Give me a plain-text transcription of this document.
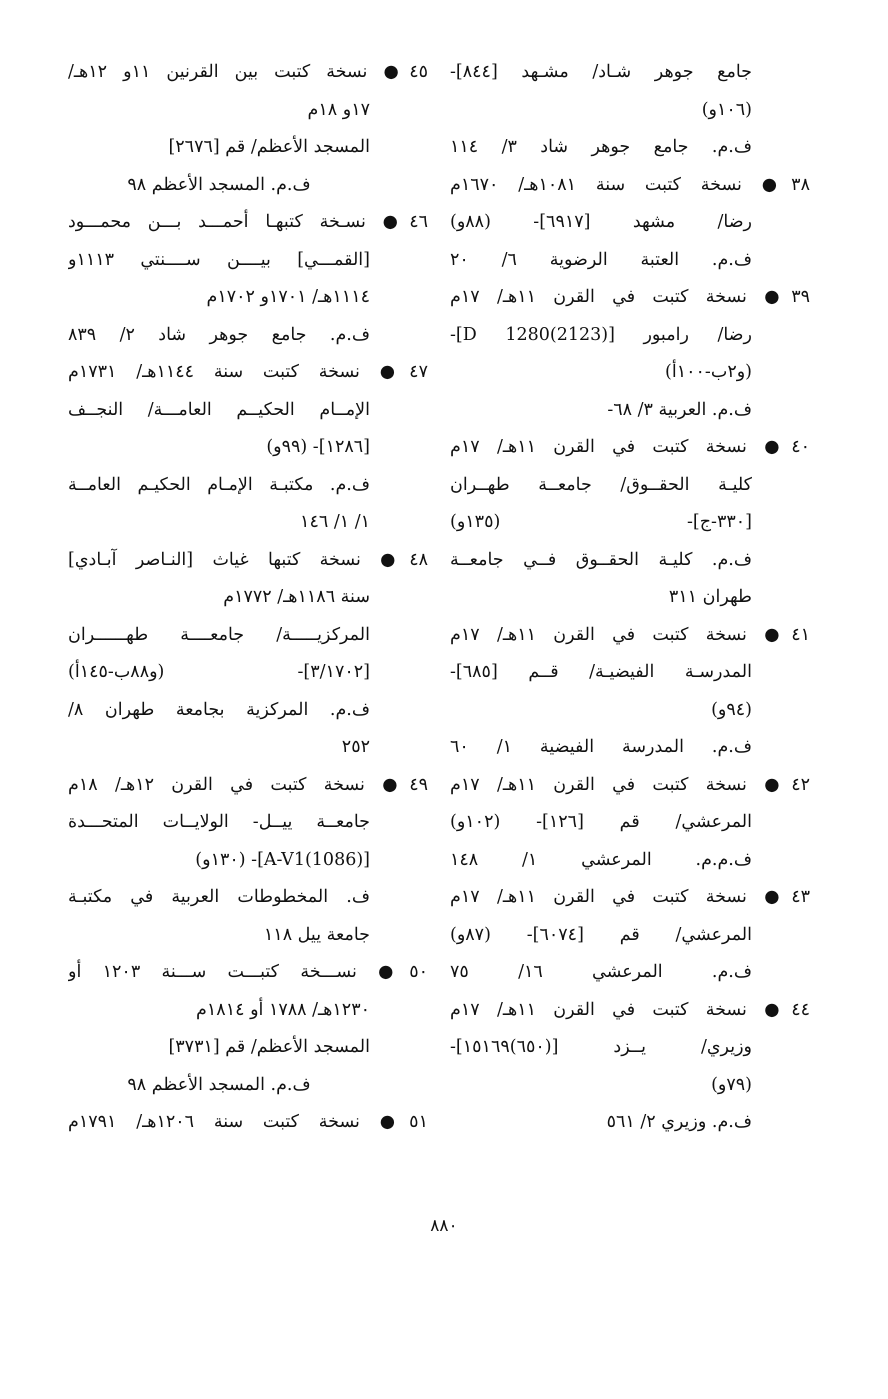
جامع جوهر شـاد/ مشـهد [٨٤٤]-
(١٠٦و)
ف.م. جامع جوهر شاد ٣/ ١١٤
٣٨● نسخة كتبت سنة ١٠٨١هـ/ ١٦٧٠م
رضا/ مشهد [٦٩١٧]- (٨٨و)
ف.م. العتبة الرضوية ٦/ ٢٠
٣٩● نسخة كتبت في القرن ١١هـ/ ١٧م
رضا/ رامبور [D 1280(2123)]-
(و٢ب-١٠٠أ)
ف.م. العربية ٣/ ٦٨-
٤٠● نسخة كتبت في القرن ١١هـ/ ١٧م
كليـة الحقــوق/ جامعــة طهــران
[٣٣٠-ج]- (١٣٥و)
ف.م. كليـة الحقــوق فــي جامعــة
طهران ٣١١
٤١● نسخة كتبت في القرن ١١هـ/ ١٧م
المدرسـة الفيضيـة/ قــم [٦٨٥]-
(٩٤و)
ف.م. المدرسة الفيضية ١/ ٦٠
٤٢● نسخة كتبت في القرن ١١هـ/ ١٧م
المرعشي/ قم [١٢٦]- (١٠٢و)
ف.م.م. المرعشي ١/ ١٤٨
٤٣● نسخة كتبت في القرن ١١هـ/ ١٧م
المرعشي/ قم [٦٠٧٤]- (٨٧و)
ف.م. المرعشي ١٦/ ٧٥
٤٤● نسخة كتبت في القرن ١١هـ/ ١٧م
وزيري/ يــزد [(٦٥٠)١٥١٦٩]-
(٧٩و)
ف.م. وزيري ٢/ ٥٦١
٤٥● نسخة كتبت بين القرنين ١١و ١٢هـ/
١٧و ١٨م
المسجد الأعظم/ قم [٢٦٧٦]
ف.م. المسجد الأعظم ٩٨
٤٦● نسـخة كتبهـا أحمـــد بـــن محمـــود
[القمـــي] بيــــن ســــنتي ١١١٣و
١١١٤هـ/ ١٧٠١و ١٧٠٢م
ف.م. جامع جوهر شاد ٢/ ٨٣٩
٤٧● نسخة كتبت سنة ١١٤٤هـ/ ١٧٣١م
الإمــام الحكيــم العامـــة/ النجــف
[١٢٨٦]- (٩٩و)
ف.م. مكتبـة الإمـام الحكيـم العامــة
١/ ١/ ١٤٦
٤٨● نسخة كتبها غياث [النـاصر آبـادي]
سنة ١١٨٦هـ/ ١٧٧٢م
المركزيـــــة/ جامعــــة طهــــــران
[٣/١٧٠٢]- (و٨٨ب-١٤٥أ)
ف.م. المركزية بجامعة طهران ٨/
٢٥٢
٤٩● نسخة كتبت في القرن ١٢هـ/ ١٨م
جامعــة ييــل- الولايــات المتحـــدة
[(1086)A-V1]- (١٣٠و)
ف. المخطوطات العربية في مكتبـة
جامعة ييل ١١٨
٥٠● نســـخة كتبـــت ســـنة ١٢٠٣ أو
١٢٣٠هـ/ ١٧٨٨ أو ١٨١٤م
المسجد الأعظم/ قم [٣٧٣١]
ف.م. المسجد الأعظم ٩٨
٥١● نسخة كتبت سنة ١٢٠٦هـ/ ١٧٩١م
٨٨٠
